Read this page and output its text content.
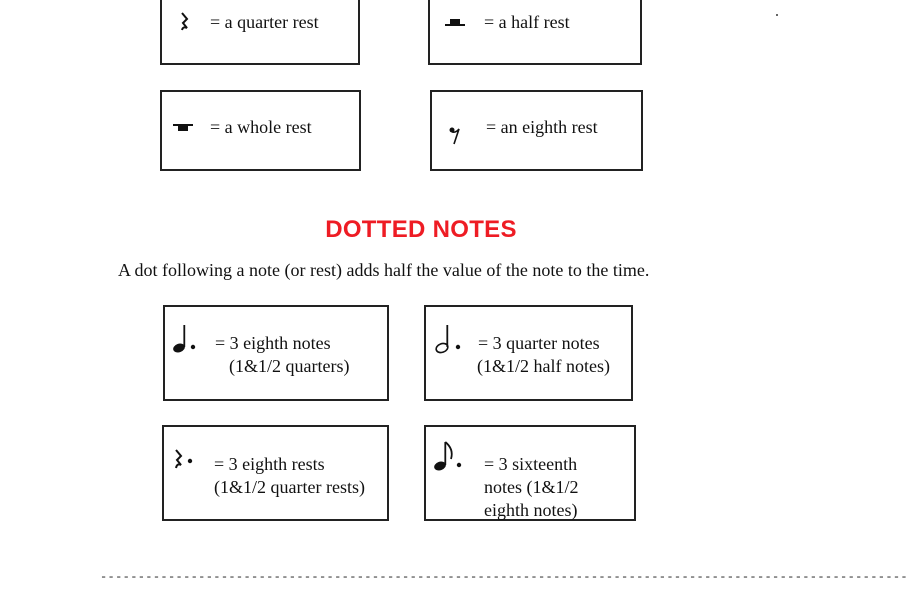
= a quarter rest	= a half rest
= a whole rest	= an eighth rest
DOTTED NOTES
A dot following a note (or rest) adds half the value of the note to the time.
= 3 eighth notes
(1&1/2 quarters)
= 3 quarter notes
(1&1/2 half notes)
= 3 eighth rests
(1&1/2 quarter rests)
= 3 sixteenth
notes (1&1/2
eighth notes)
-----------------------------------------------------------------------------------------------------------
